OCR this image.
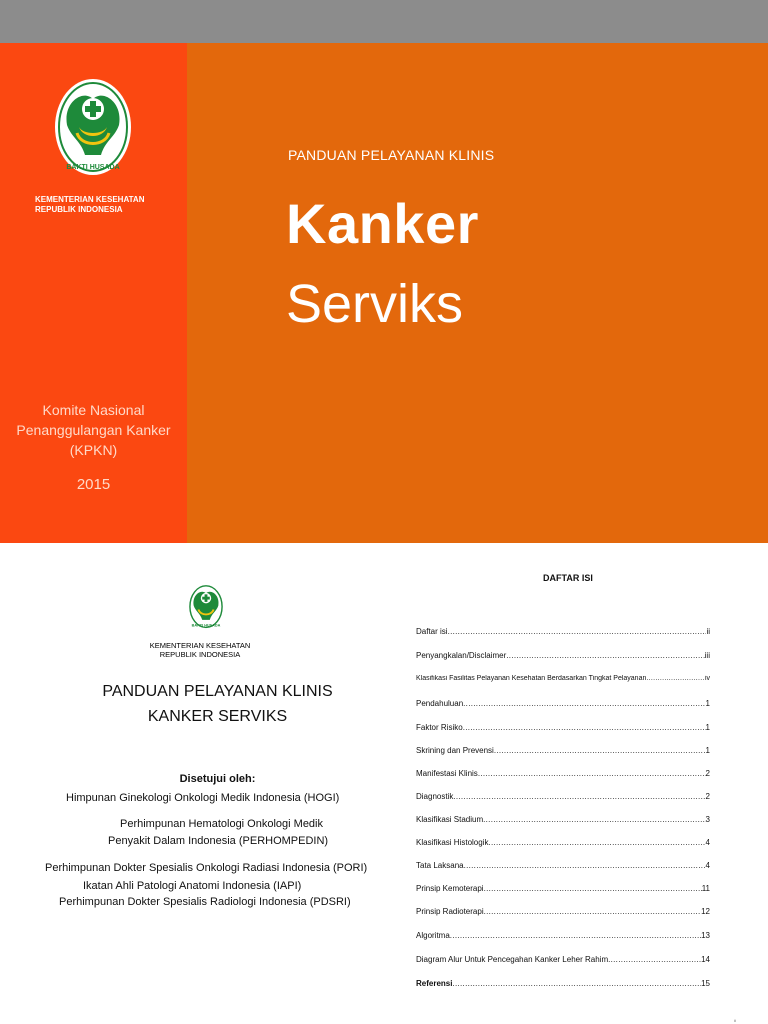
BAKTI HUSADA
KEMENTERIAN KESEHATAN
REPUBLIK INDONESIA
Komite Nasional
Penanggulangan Kanker
(KPKN)
2015
PANDUAN PELAYANAN KLINIS
Kanker
Serviks
BAKTI HUSADA
KEMENTERIAN KESEHATAN
REPUBLIK INDONESIA
PANDUAN PELAYANAN KLINIS
KANKER SERVIKS
Disetujui oleh:
Himpunan Ginekologi Onkologi Medik Indonesia (HOGI)
Perhimpunan Hematologi Onkologi Medik
Penyakit Dalam Indonesia (PERHOMPEDIN)
Perhimpunan Dokter Spesialis Onkologi Radiasi Indonesia (PORI)
Ikatan Ahli Patologi Anatomi Indonesia (IAPI)
Perhimpunan Dokter Spesialis Radiologi Indonesia (PDSRI)
DAFTAR ISI
Daftar isi .....	ii
Penyangkalan/Disclaimer .....	iii
Klasifikasi Fasilitas Pelayanan Kesehatan Berdasarkan Tingkat Pelayanan .....	iv
Pendahuluan .....	1
Faktor Risiko .....	1
Skrining dan Prevensi .....	1
Manifestasi Klinis .....	2
Diagnostik .....	2
Klasifikasi Stadium .....	3
Klasifikasi Histologik .....	4
Tata Laksana .....	4
Prinsip Kemoterapi .....	11
Prinsip Radioterapi .....	12
Algoritma .....	13
Diagram Alur Untuk Pencegahan Kanker Leher Rahim .....	14
Referensi .....	15
ii
